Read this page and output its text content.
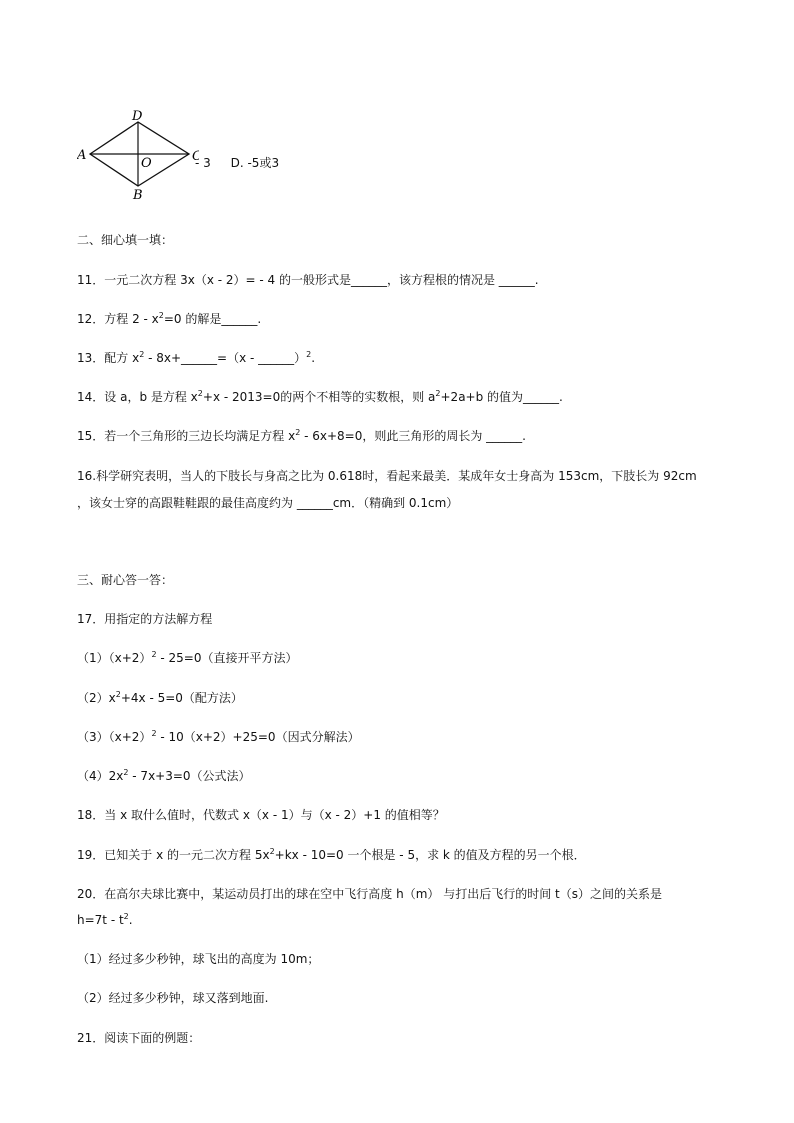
A
D
B
O	- 3 D. -5或3
二、细心填一填：
11．一元二次方程 3x（x - 2）= - 4 的一般形式是______，该方程根的情况是 ______.
12．方程 $2 - x^2=0$ 的解是______.
13．配方 $x^2$ - 8x+______=（x - ______）$^2$.
14．设 a，b 是方程 $x^2+x - 2013=0$的两个不相等的实数根，则 $a^2+2a+b$ 的值为______.
15．若一个三角形的三边长均满足方程 $x^2 - 6x+8=0$，则此三角形的周长为 ______.
16.科学研究表明，当人的下肢长与身高之比为 0.618时，看起来最美．某成年女士身高为 153cm，下肢长为 92cm
，该女士穿的高跟鞋鞋跟的最佳高度约为 ______cm．（精确到 0.1cm）
三、耐心答一答：
17．用指定的方法解方程
$(1)(x+2)^2 - 25=0$（直接开平方法）
$(2)x^2+4x - 5=0$（配方法）
$(3)(x+2)^2 - 10(x+2)+25=0$（因式分解法）
$(4)2x^2 - 7x+3=0$（公式法）
18．当 x 取什么值时，代数式 x（x - 1）与（x - 2）+1 的值相等？
19．已知关于 x 的一元二次方程 $5x^2+kx - 10=0$ 一个根是 - 5，求 k 的值及方程的另一个根．
20．在高尔夫球比赛中，某运动员打出的球在空中飞行高度 h（m） 与打出后飞行的时间 t（s）之间的关系是
$h=7t - t^2$.
（1）经过多少秒钟，球飞出的高度为 10m；
（2）经过多少秒钟，球又落到地面.
21．阅读下面的例题：
